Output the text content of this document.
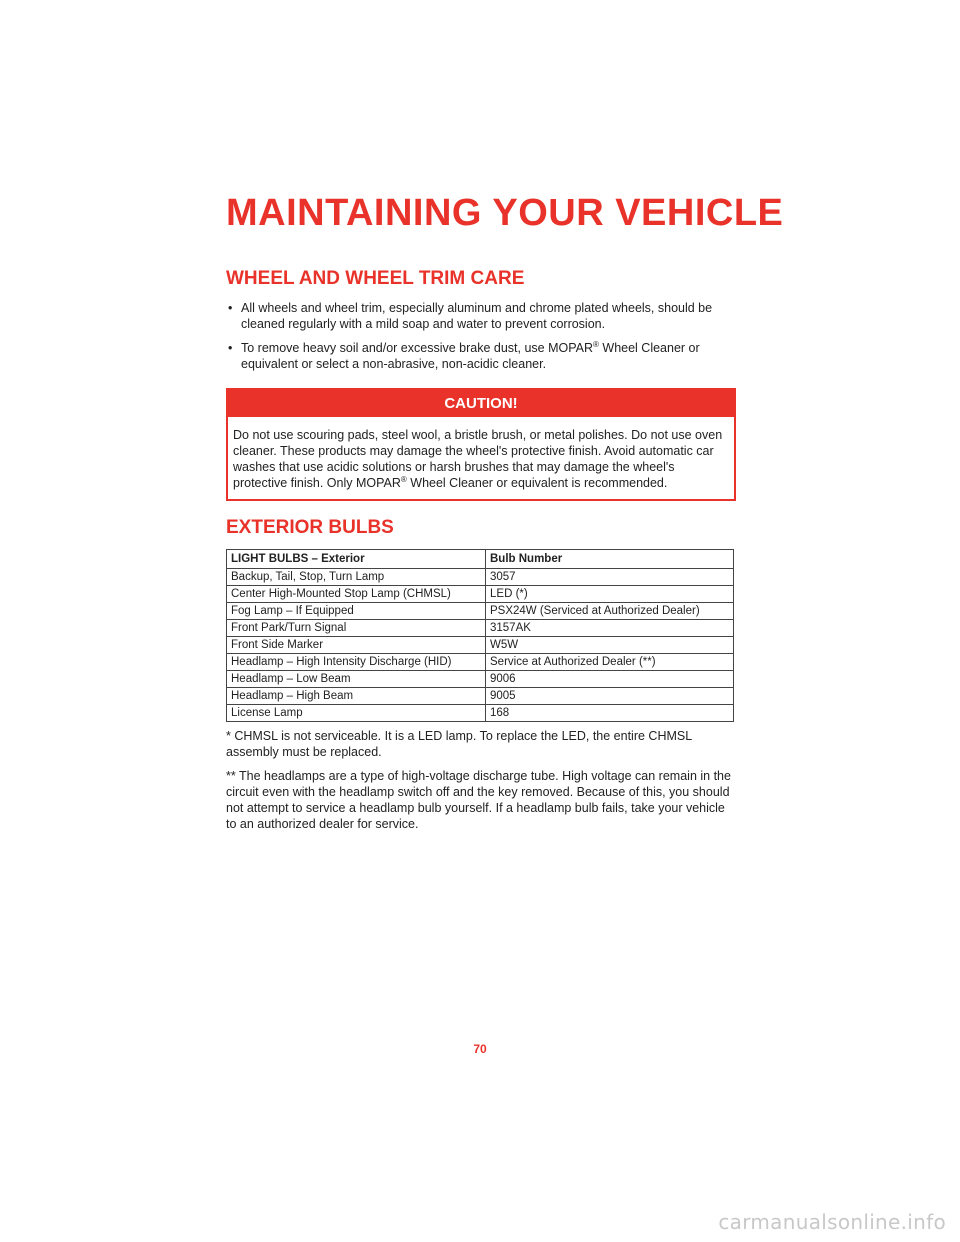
MAINTAINING YOUR VEHICLE
WHEEL AND WHEEL TRIM CARE
• All wheels and wheel trim, especially aluminum and chrome plated wheels, should be cleaned regularly with a mild soap and water to prevent corrosion.
• To remove heavy soil and/or excessive brake dust, use MOPAR® Wheel Cleaner or equivalent or select a non-abrasive, non-acidic cleaner.
CAUTION!
Do not use scouring pads, steel wool, a bristle brush, or metal polishes. Do not use oven cleaner. These products may damage the wheel's protective finish. Avoid automatic car washes that use acidic solutions or harsh brushes that may damage the wheel's protective finish. Only MOPAR® Wheel Cleaner or equivalent is recommended.
EXTERIOR BULBS
LIGHT BULBS – Exterior	Bulb Number
Backup, Tail, Stop, Turn Lamp	3057
Center High-Mounted Stop Lamp (CHMSL)	LED (*)
Fog Lamp – If Equipped	PSX24W (Serviced at Authorized Dealer)
Front Park/Turn Signal	3157AK
Front Side Marker	W5W
Headlamp – High Intensity Discharge (HID)	Service at Authorized Dealer (**)
Headlamp – Low Beam	9006
Headlamp – High Beam	9005
License Lamp	168

* CHMSL is not serviceable. It is a LED lamp. To replace the LED, the entire CHMSL assembly must be replaced.

** The headlamps are a type of high-voltage discharge tube. High voltage can remain in the circuit even with the headlamp switch off and the key removed. Because of this, you should not attempt to service a headlamp bulb yourself. If a headlamp bulb fails, take your vehicle to an authorized dealer for service.

70
carmanualsonline.info
